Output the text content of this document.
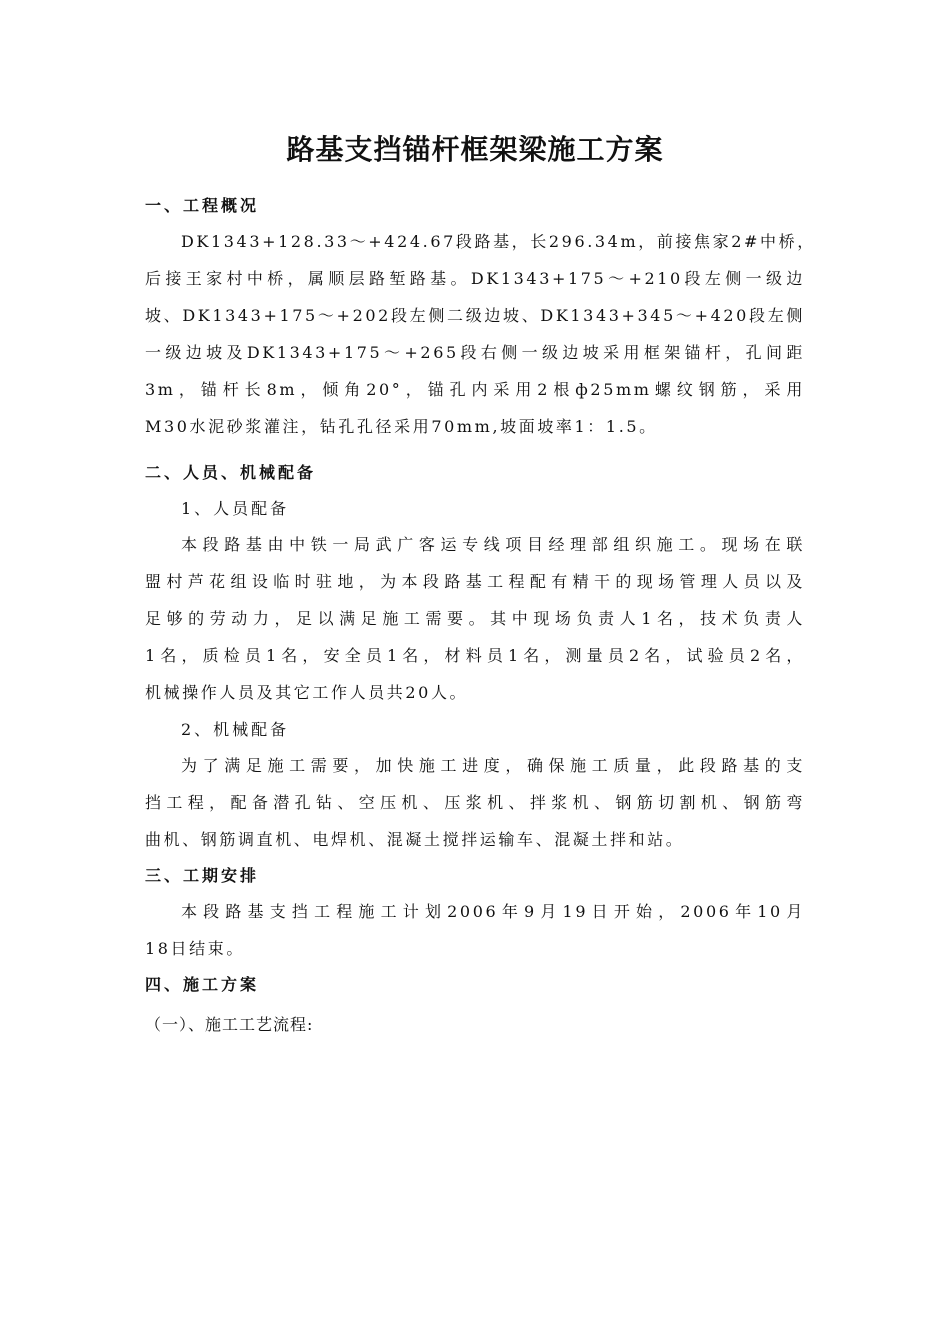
路基支挡锚杆框架梁施工方案
一、工程概况
DK1343+128.33～+424.67段路基，长296.34m，前接焦家2#中桥，
后接王家村中桥，属顺层路堑路基。DK1343+175～+210段左侧一级边
坡、DK1343+175～+202段左侧二级边坡、DK1343+345～+420段左侧
一级边坡及DK1343+175～+265段右侧一级边坡采用框架锚杆，孔间距
3m，锚杆长8m，倾角20°，锚孔内采用2根ф25mm螺纹钢筋，采用
M30水泥砂浆灌注，钻孔孔径采用70mm,坡面坡率1：1.5。
二、人员、机械配备
1、人员配备
本段路基由中铁一局武广客运专线项目经理部组织施工。现场在联
盟村芦花组设临时驻地，为本段路基工程配有精干的现场管理人员以及
足够的劳动力，足以满足施工需要。其中现场负责人1名，技术负责人
1名，质检员1名，安全员1名，材料员1名，测量员2名，试验员2名，
机械操作人员及其它工作人员共20人。
2、机械配备
为了满足施工需要，加快施工进度，确保施工质量，此段路基的支
挡工程，配备潜孔钻、空压机、压浆机、拌浆机、钢筋切割机、钢筋弯
曲机、钢筋调直机、电焊机、混凝土搅拌运输车、混凝土拌和站。
三、工期安排
本段路基支挡工程施工计划2006年9月19日开始，2006年10月
18日结束。
四、施工方案
（一）、施工工艺流程:
